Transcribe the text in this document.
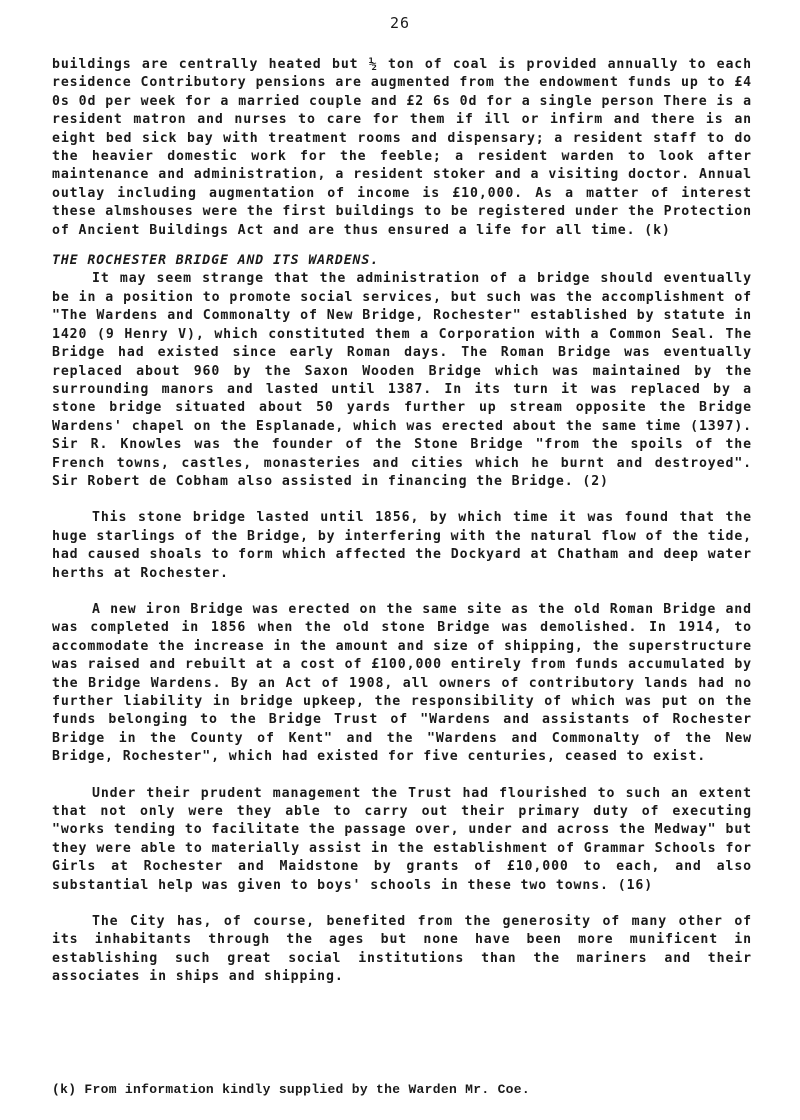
26

buildings are centrally heated but ½ ton of coal is provided annually to each residence Contributory pensions are augmented from the endowment funds up to £4 0s 0d per week for a married couple and £2 6s 0d for a single person There is a resident matron and nurses to care for them if ill or infirm and there is an eight bed sick bay with treatment rooms and dispensary; a resident staff to do the heavier domestic work for the feeble; a resident warden to look after maintenance and administration, a resident stoker and a visiting doctor. Annual outlay including augmentation of income is £10,000. As a matter of interest these almshouses were the first buildings to be registered under the Protection of Ancient Buildings Act and are thus ensured a life for all time. (k)

THE ROCHESTER BRIDGE AND ITS WARDENS.

It may seem strange that the administration of a bridge should eventually be in a position to promote social services, but such was the accomplishment of "The Wardens and Commonalty of New Bridge, Rochester" established by statute in 1420 (9 Henry V), which constituted them a Corporation with a Common Seal. The Bridge had existed since early Roman days. The Roman Bridge was eventually replaced about 960 by the Saxon Wooden Bridge which was maintained by the surrounding manors and lasted until 1387. In its turn it was replaced by a stone bridge situated about 50 yards further up stream opposite the Bridge Wardens' chapel on the Esplanade, which was erected about the same time (1397). Sir R. Knowles was the founder of the Stone Bridge "from the spoils of the French towns, castles, monasteries and cities which he burnt and destroyed". Sir Robert de Cobham also assisted in financing the Bridge. (2)

This stone bridge lasted until 1856, by which time it was found that the huge starlings of the Bridge, by interfering with the natural flow of the tide, had caused shoals to form which affected the Dockyard at Chatham and deep water herths at Rochester.

A new iron Bridge was erected on the same site as the old Roman Bridge and was completed in 1856 when the old stone Bridge was demolished. In 1914, to accommodate the increase in the amount and size of shipping, the superstructure was raised and rebuilt at a cost of £100,000 entirely from funds accumulated by the Bridge Wardens. By an Act of 1908, all owners of contributory lands had no further liability in bridge upkeep, the responsibility of which was put on the funds belonging to the Bridge Trust of "Wardens and assistants of Rochester Bridge in the County of Kent" and the "Wardens and Commonalty of the New Bridge, Rochester", which had existed for five centuries, ceased to exist.

Under their prudent management the Trust had flourished to such an extent that not only were they able to carry out their primary duty of executing "works tending to facilitate the passage over, under and across the Medway" but they were able to materially assist in the establishment of Grammar Schools for Girls at Rochester and Maidstone by grants of £10,000 to each, and also substantial help was given to boys' schools in these two towns. (16)

The City has, of course, benefited from the generosity of many other of its inhabitants through the ages but none have been more munificent in establishing such great social institutions than the mariners and their associates in ships and shipping.

(k) From information kindly supplied by the Warden Mr. Coe.
